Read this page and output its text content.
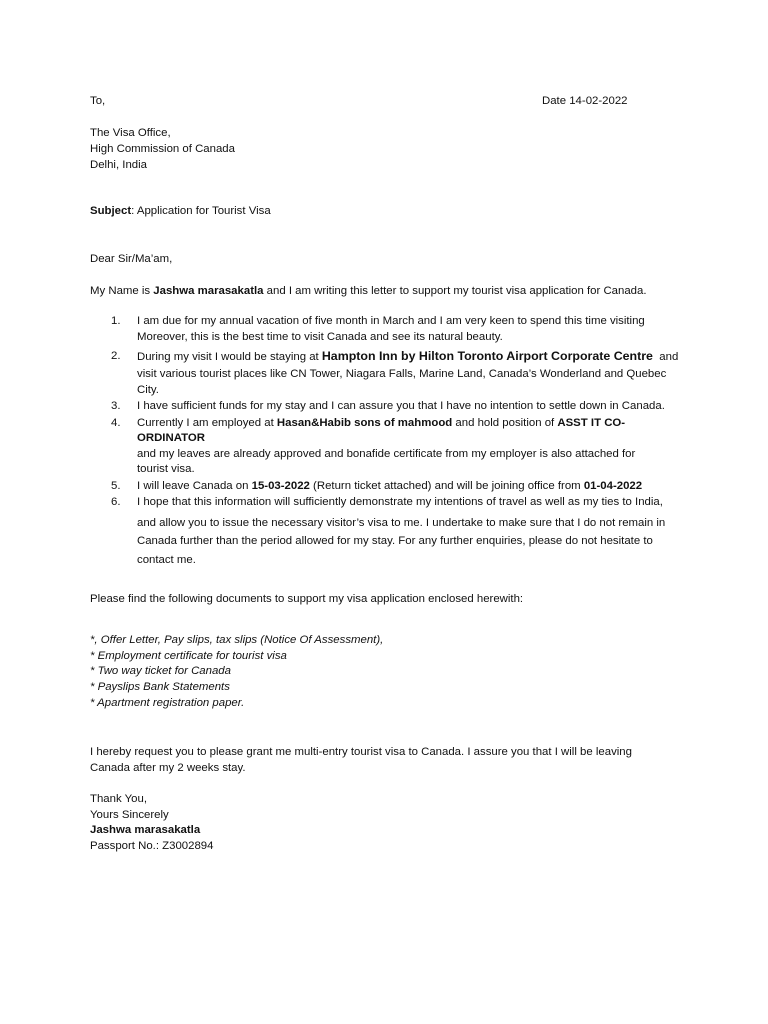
To,	Date 14-02-2022
The Visa Office,
High Commission of Canada
Delhi, India
Subject: Application for Tourist Visa
Dear Sir/Ma’am,
My Name is Jashwa marasakatla and I am writing this letter to support my tourist visa application for Canada.
1. I am due for my annual vacation of five month in March and I am very keen to spend this time visiting
Moreover, this is the best time to visit Canada and see its natural beauty.
2. During my visit I would be staying at Hampton Inn by Hilton Toronto Airport Corporate Centre  and
visit various tourist places like CN Tower, Niagara Falls, Marine Land, Canada’s Wonderland and Quebec
City.
3. I have sufficient funds for my stay and I can assure you that I have no intention to settle down in Canada.
4. Currently I am employed at Hasan&Habib sons of mahmood and hold position of ASST IT CO-ORDINATOR
and my leaves are already approved and bonafide certificate from my employer is also attached for
tourist visa.
5. I will leave Canada on 15-03-2022 (Return ticket attached) and will be joining office from 01-04-2022
6. I hope that this information will sufficiently demonstrate my intentions of travel as well as my ties to India,
and allow you to issue the necessary visitor’s visa to me. I undertake to make sure that I do not remain in
Canada further than the period allowed for my stay. For any further enquiries, please do not hesitate to
contact me.
Please find the following documents to support my visa application enclosed herewith:
*, Offer Letter, Pay slips, tax slips (Notice Of Assessment),
* Employment certificate for tourist visa
* Two way ticket for Canada
* Payslips Bank Statements
* Apartment registration paper.
I hereby request you to please grant me multi-entry tourist visa to Canada. I assure you that I will be leaving
Canada after my 2 weeks stay.
Thank You,
Yours Sincerely
Jashwa marasakatla
Passport No.: Z3002894
